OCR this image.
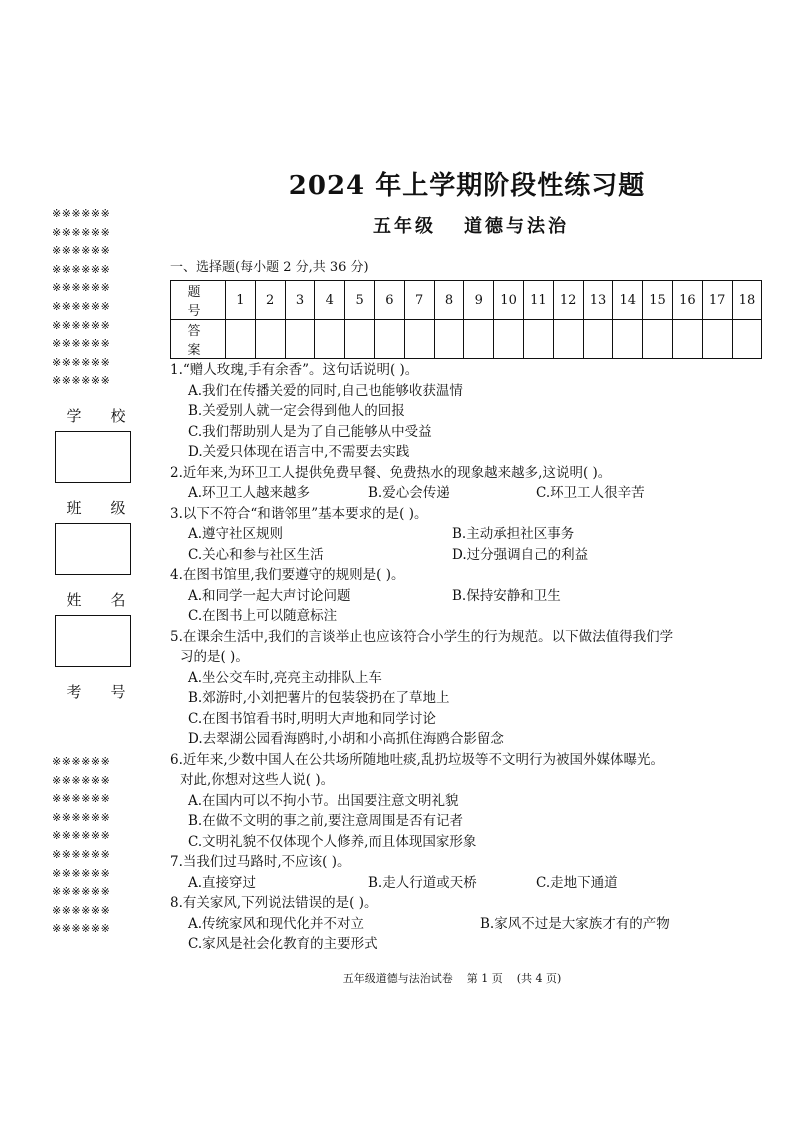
※※※※※※
※※※※※※
※※※※※※
※※※※※※
※※※※※※
※※※※※※
※※※※※※
※※※※※※
※※※※※※
※※※※※※
学 校
班 级
姓 名
考 号
※※※※※※
※※※※※※
※※※※※※
※※※※※※
※※※※※※
※※※※※※
※※※※※※
※※※※※※
※※※※※※
※※※※※※
2024 年上学期阶段性练习题
五年级 道德与法治
一、选择题(每小题 2 分,共 36 分)
题 号	1	2	3	4	5	6	7	8	9	10	11	12	13	14	15	16	17	18
答 案																		
1.“赠人玫瑰,手有余香”。这句话说明( )。
A.我们在传播关爱的同时,自己也能够收获温情
B.关爱别人就一定会得到他人的回报
C.我们帮助别人是为了自己能够从中受益
D.关爱只体现在语言中,不需要去实践
2.近年来,为环卫工人提供免费早餐、免费热水的现象越来越多,这说明( )。
A.环卫工人越来越多	B.爱心会传递	C.环卫工人很辛苦
3.以下不符合“和谐邻里”基本要求的是( )。
A.遵守社区规则	B.主动承担社区事务
C.关心和参与社区生活	D.过分强调自己的利益
4.在图书馆里,我们要遵守的规则是( )。
A.和同学一起大声讨论问题	B.保持安静和卫生
C.在图书上可以随意标注
5.在课余生活中,我们的言谈举止也应该符合小学生的行为规范。以下做法值得我们学
习的是( )。
A.坐公交车时,亮亮主动排队上车
B.郊游时,小刘把薯片的包装袋扔在了草地上
C.在图书馆看书时,明明大声地和同学讨论
D.去翠湖公园看海鸥时,小胡和小高抓住海鸥合影留念
6.近年来,少数中国人在公共场所随地吐痰,乱扔垃圾等不文明行为被国外媒体曝光。
对此,你想对这些人说( )。
A.在国内可以不拘小节。出国要注意文明礼貌
B.在做不文明的事之前,要注意周围是否有记者
C.文明礼貌不仅体现个人修养,而且体现国家形象
7.当我们过马路时,不应该( )。
A.直接穿过	B.走人行道或天桥	C.走地下通道
8.有关家风,下列说法错误的是( )。
A.传统家风和现代化并不对立	B.家风不过是大家族才有的产物
C.家风是社会化教育的主要形式
五年级道德与法治试卷 第 1 页 (共 4 页)
